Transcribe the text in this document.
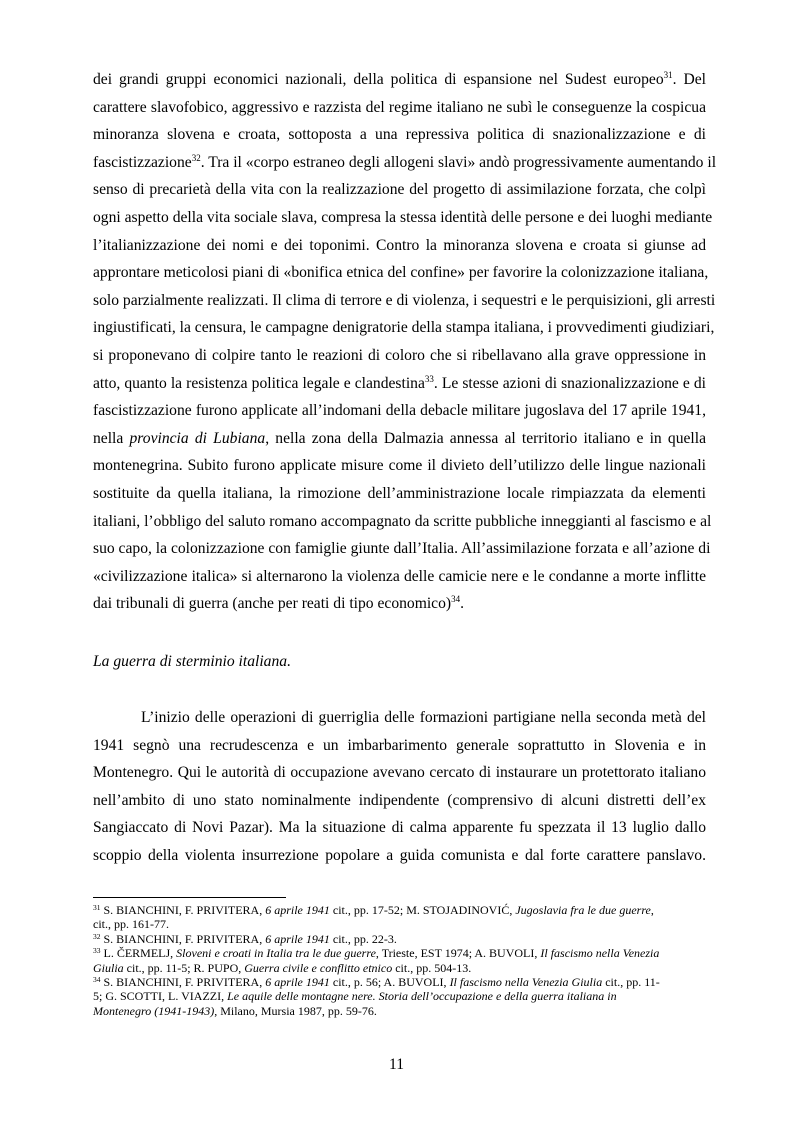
dei grandi gruppi economici nazionali, della politica di espansione nel Sudest europeo$^{31}$. Del
carattere slavofobico, aggressivo e razzista del regime italiano ne subì le conseguenze la cospicua
minoranza slovena e croata, sottoposta a una repressiva politica di snazionalizzazione e di
fascistizzazione$^{32}$. Tra il «corpo estraneo degli allogeni slavi» andò progressivamente aumentando il
senso di precarietà della vita con la realizzazione del progetto di assimilazione forzata, che colpì
ogni aspetto della vita sociale slava, compresa la stessa identità delle persone e dei luoghi mediante
l’italianizzazione dei nomi e dei toponimi. Contro la minoranza slovena e croata si giunse ad
approntare meticolosi piani di «bonifica etnica del confine» per favorire la colonizzazione italiana,
solo parzialmente realizzati. Il clima di terrore e di violenza, i sequestri e le perquisizioni, gli arresti
ingiustificati, la censura, le campagne denigratorie della stampa italiana, i provvedimenti giudiziari,
si proponevano di colpire tanto le reazioni di coloro che si ribellavano alla grave oppressione in
atto, quanto la resistenza politica legale e clandestina$^{33}$. Le stesse azioni di snazionalizzazione e di
fascistizzazione furono applicate all’indomani della debacle militare jugoslava del 17 aprile 1941,
nella provincia di Lubiana, nella zona della Dalmazia annessa al territorio italiano e in quella
montenegrina. Subito furono applicate misure come il divieto dell’utilizzo delle lingue nazionali
sostituite da quella italiana, la rimozione dell’amministrazione locale rimpiazzata da elementi
italiani, l’obbligo del saluto romano accompagnato da scritte pubbliche inneggianti al fascismo e al
suo capo, la colonizzazione con famiglie giunte dall’Italia. All’assimilazione forzata e all’azione di
«civilizzazione italica» si alternarono la violenza delle camicie nere e le condanne a morte inflitte
dai tribunali di guerra (anche per reati di tipo economico)$^{34}$.

La guerra di sterminio italiana.

L’inizio delle operazioni di guerriglia delle formazioni partigiane nella seconda metà del
1941 segnò una recrudescenza e un imbarbarimento generale soprattutto in Slovenia e in
Montenegro. Qui le autorità di occupazione avevano cercato di instaurare un protettorato italiano
nell’ambito di uno stato nominalmente indipendente (comprensivo di alcuni distretti dell’ex
Sangiaccato di Novi Pazar). Ma la situazione di calma apparente fu spezzata il 13 luglio dallo
scoppio della violenta insurrezione popolare a guida comunista e dal forte carattere panslavo.

$^{31}$ S. BIANCHINI, F. PRIVITERA, 6 aprile 1941 cit., pp. 17-52; M. STOJADINOVIĆ, Jugoslavia fra le due guerre,
cit., pp. 161-77.
$^{32}$ S. BIANCHINI, F. PRIVITERA, 6 aprile 1941 cit., pp. 22-3.
$^{33}$ L. ČERMELJ, Sloveni e croati in Italia tra le due guerre, Trieste, EST 1974; A. BUVOLI, Il fascismo nella Venezia
Giulia cit., pp. 11-5; R. PUPO, Guerra civile e conflitto etnico cit., pp. 504-13.
$^{34}$ S. BIANCHINI, F. PRIVITERA, 6 aprile 1941 cit., p. 56; A. BUVOLI, Il fascismo nella Venezia Giulia cit., pp. 11-
5; G. SCOTTI, L. VIAZZI, Le aquile delle montagne nere. Storia dell’occupazione e della guerra italiana in
Montenegro (1941-1943), Milano, Mursia 1987, pp. 59-76.
11
